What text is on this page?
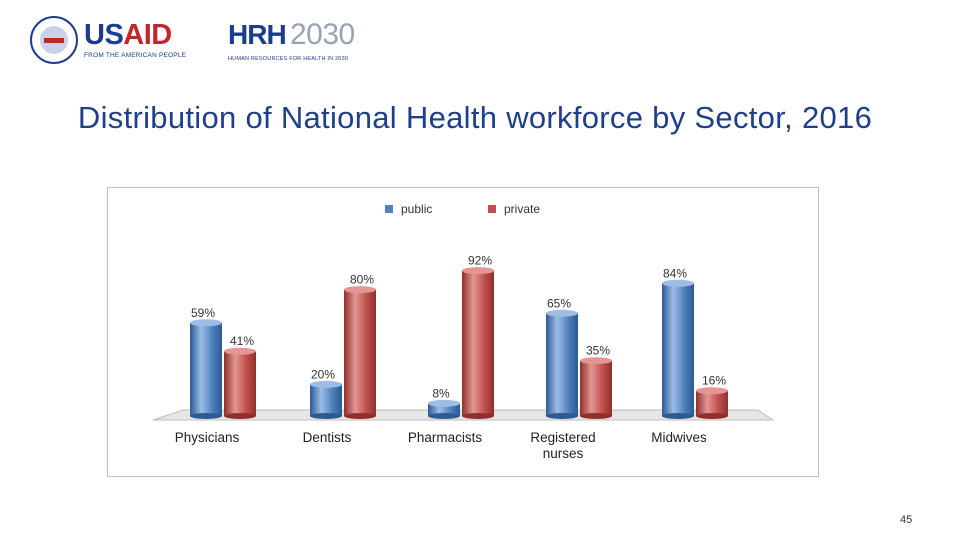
USAID
FROM THE AMERICAN PEOPLE
HRH 2030
HUMAN RESOURCES FOR HEALTH IN 2030
Distribution of National Health workforce by Sector, 2016
59%
41%
Physicians
20%
80%
Dentists
8%
92%
Pharmacists
65%
35%
Registered
nurses
84%
16%
Midwives
public	private
45
